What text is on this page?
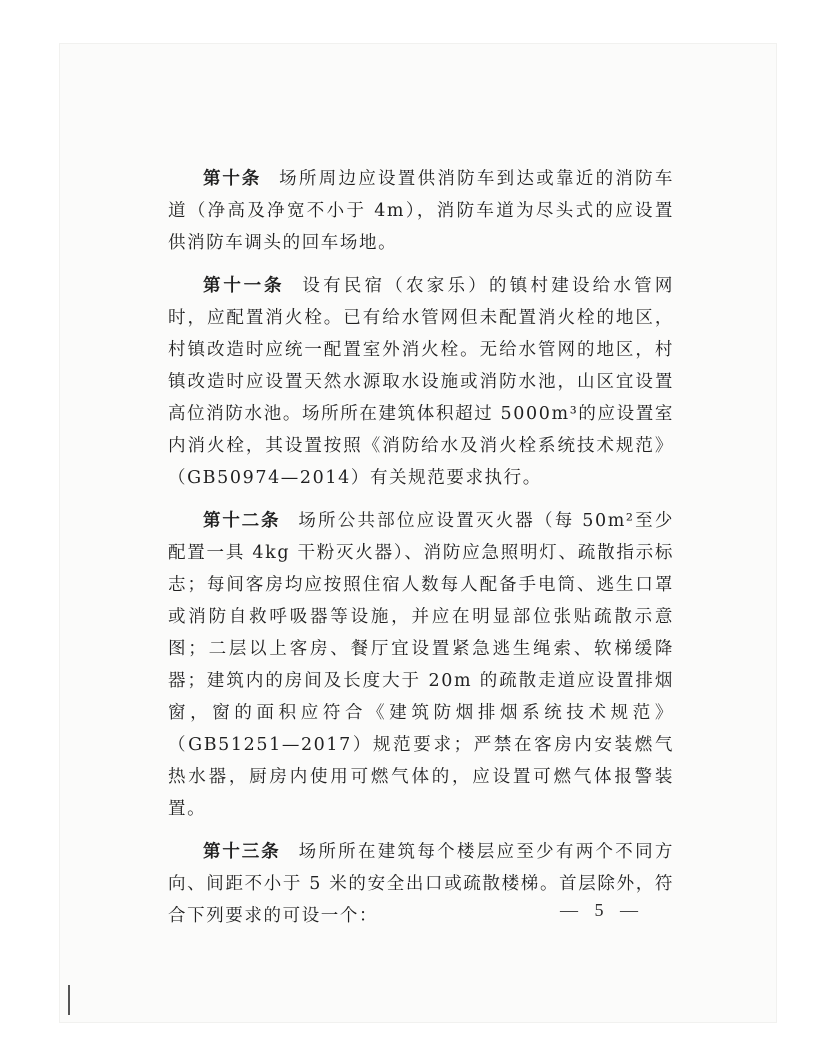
第十条 场所周边应设置供消防车到达或靠近的消防车道（净高及净宽不小于 4m），消防车道为尽头式的应设置供消防车调头的回车场地。

第十一条 设有民宿（农家乐）的镇村建设给水管网时，应配置消火栓。已有给水管网但未配置消火栓的地区，村镇改造时应统一配置室外消火栓。无给水管网的地区，村镇改造时应设置天然水源取水设施或消防水池，山区宜设置高位消防水池。场所所在建筑体积超过 5000m³的应设置室内消火栓，其设置按照《消防给水及消火栓系统技术规范》（GB50974—2014）有关规范要求执行。

第十二条 场所公共部位应设置灭火器（每 50m²至少配置一具 4kg 干粉灭火器）、消防应急照明灯、疏散指示标志；每间客房均应按照住宿人数每人配备手电筒、逃生口罩或消防自救呼吸器等设施，并应在明显部位张贴疏散示意图；二层以上客房、餐厅宜设置紧急逃生绳索、软梯缓降器；建筑内的房间及长度大于 20m 的疏散走道应设置排烟窗，窗的面积应符合《建筑防烟排烟系统技术规范》（GB51251—2017）规范要求；严禁在客房内安装燃气热水器，厨房内使用可燃气体的，应设置可燃气体报警装置。

第十三条 场所所在建筑每个楼层应至少有两个不同方向、间距不小于 5 米的安全出口或疏散楼梯。首层除外，符合下列要求的可设一个：	— 5 —
